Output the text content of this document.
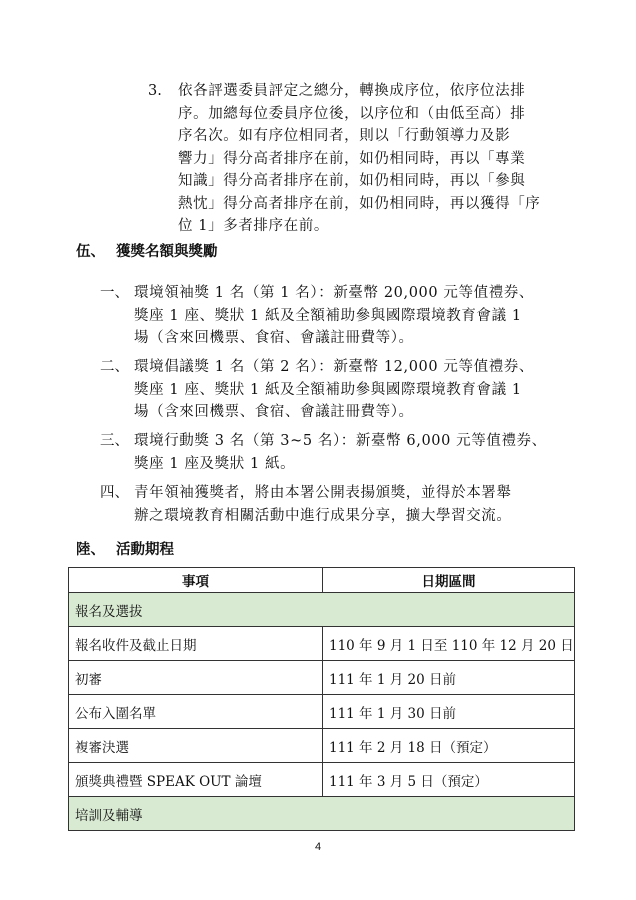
3. 依各評選委員評定之總分，轉換成序位，依序位法排
序。加總每位委員序位後，以序位和（由低至高）排
序名次。如有序位相同者，則以「行動領導力及影
響力」得分高者排序在前，如仍相同時，再以「專業
知識」得分高者排序在前，如仍相同時，再以「參與
熱忱」得分高者排序在前，如仍相同時，再以獲得「序
位 1」多者排序在前。
伍、 獲獎名額與獎勵
一、 環境領袖獎 1 名（第 1 名）：新臺幣 20,000 元等值禮券、
獎座 1 座、獎狀 1 紙及全額補助參與國際環境教育會議 1
場（含來回機票、食宿、會議註冊費等）。
二、 環境倡議獎 1 名（第 2 名）：新臺幣 12,000 元等值禮券、
獎座 1 座、獎狀 1 紙及全額補助參與國際環境教育會議 1
場（含來回機票、食宿、會議註冊費等）。
三、 環境行動獎 3 名（第 3~5 名）：新臺幣 6,000 元等值禮券、
獎座 1 座及獎狀 1 紙。
四、 青年領袖獲獎者，將由本署公開表揚頒獎，並得於本署舉
辦之環境教育相關活動中進行成果分享，擴大學習交流。
陸、 活動期程
事項	日期區間
報名及選拔	
報名收件及截止日期	110 年 9 月 1 日至 110 年 12 月 20 日
初審	111 年 1 月 20 日前
公布入圍名單	111 年 1 月 30 日前
複審決選	111 年 2 月 18 日（預定）
頒獎典禮暨 SPEAK OUT 論壇	111 年 3 月 5 日（預定）
培訓及輔導	
4
